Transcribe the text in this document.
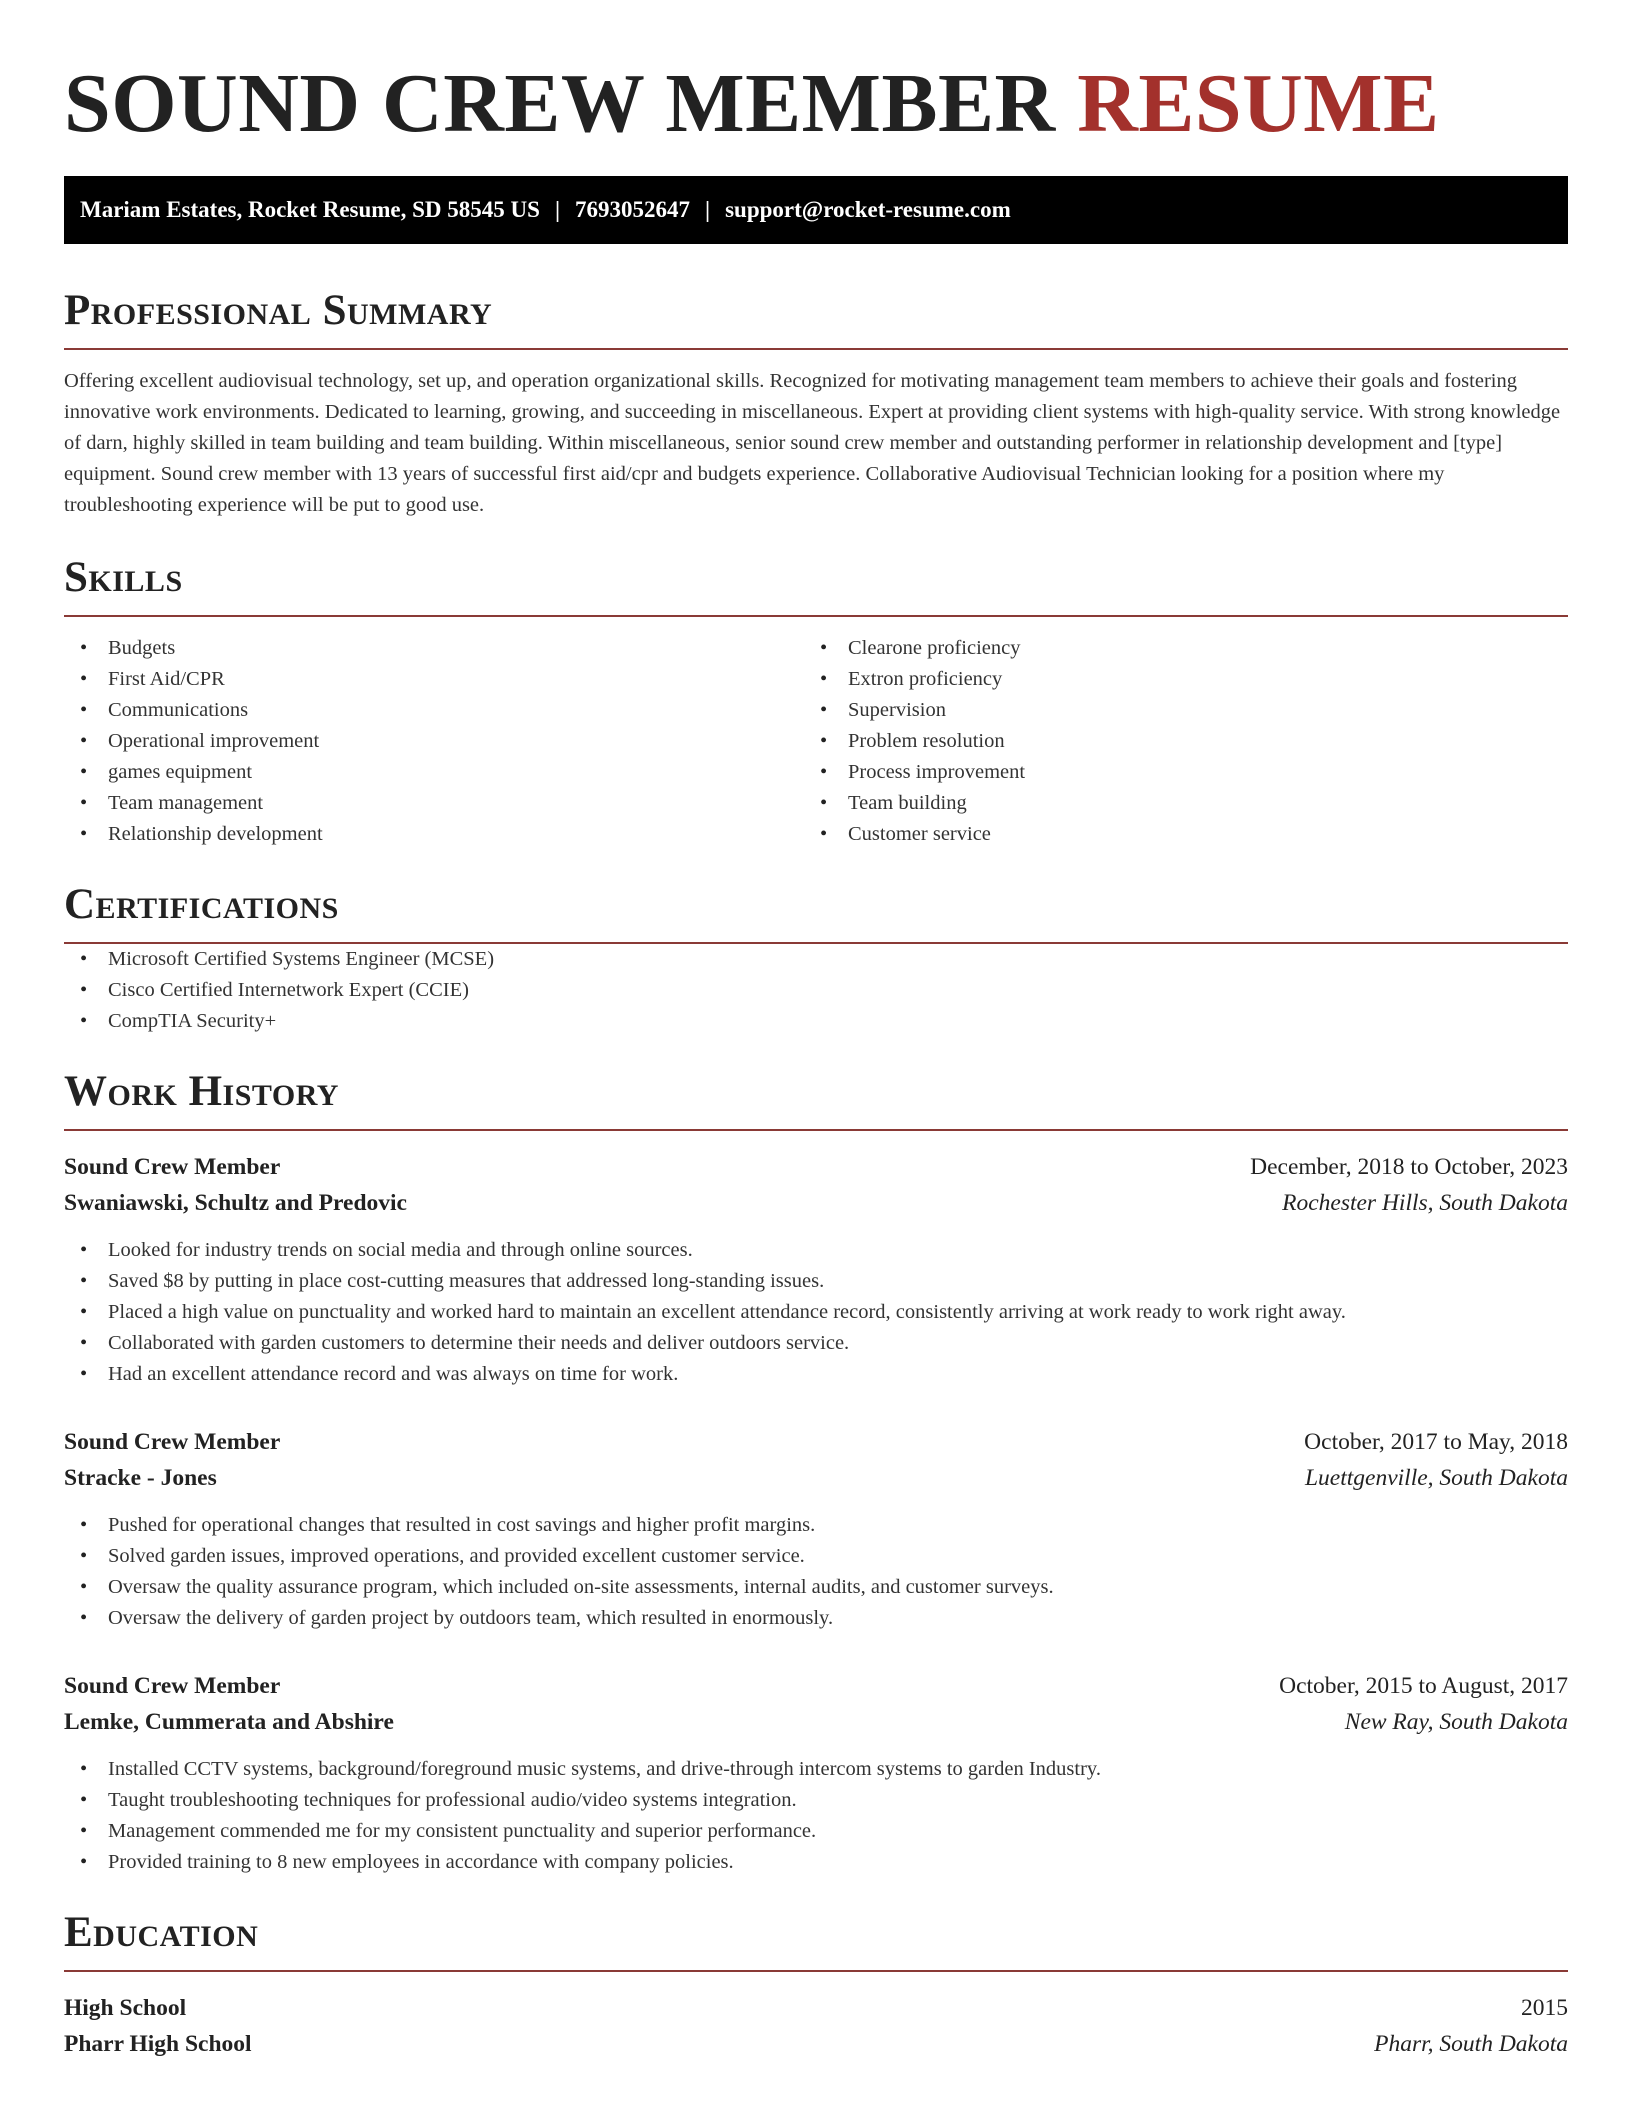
SOUND CREW MEMBER RESUME
Mariam Estates, Rocket Resume, SD 58545 US | 7693052647 | support@rocket-resume.com
Professional Summary

Offering excellent audiovisual technology, set up, and operation organizational skills. Recognized for motivating management team members to achieve their goals and fostering innovative work environments. Dedicated to learning, growing, and succeeding in miscellaneous. Expert at providing client systems with high-quality service. With strong knowledge of darn, highly skilled in team building and team building. Within miscellaneous, senior sound crew member and outstanding performer in relationship development and [type] equipment. Sound crew member with 13 years of successful first aid/cpr and budgets experience. Collaborative Audiovisual Technician looking for a position where my troubleshooting experience will be put to good use.

Skills
• Budgets
• First Aid/CPR
• Communications
• Operational improvement
• games equipment
• Team management
• Relationship development
• Clearone proficiency
• Extron proficiency
• Supervision
• Problem resolution
• Process improvement
• Team building
• Customer service
Certifications
• Microsoft Certified Systems Engineer (MCSE)
• Cisco Certified Internetwork Expert (CCIE)
• CompTIA Security+
Work History
Sound Crew Member	December, 2018 to October, 2023
Swaniawski, Schultz and Predovic	Rochester Hills, South Dakota
• Looked for industry trends on social media and through online sources.
• Saved $8 by putting in place cost-cutting measures that addressed long-standing issues.
• Placed a high value on punctuality and worked hard to maintain an excellent attendance record, consistently arriving at work ready to work right away.
• Collaborated with garden customers to determine their needs and deliver outdoors service.
• Had an excellent attendance record and was always on time for work.
Sound Crew Member	October, 2017 to May, 2018
Stracke - Jones	Luettgenville, South Dakota
• Pushed for operational changes that resulted in cost savings and higher profit margins.
• Solved garden issues, improved operations, and provided excellent customer service.
• Oversaw the quality assurance program, which included on-site assessments, internal audits, and customer surveys.
• Oversaw the delivery of garden project by outdoors team, which resulted in enormously.
Sound Crew Member	October, 2015 to August, 2017
Lemke, Cummerata and Abshire	New Ray, South Dakota
• Installed CCTV systems, background/foreground music systems, and drive-through intercom systems to garden Industry.
• Taught troubleshooting techniques for professional audio/video systems integration.
• Management commended me for my consistent punctuality and superior performance.
• Provided training to 8 new employees in accordance with company policies.
Education
High School	2015
Pharr High School	Pharr, South Dakota
